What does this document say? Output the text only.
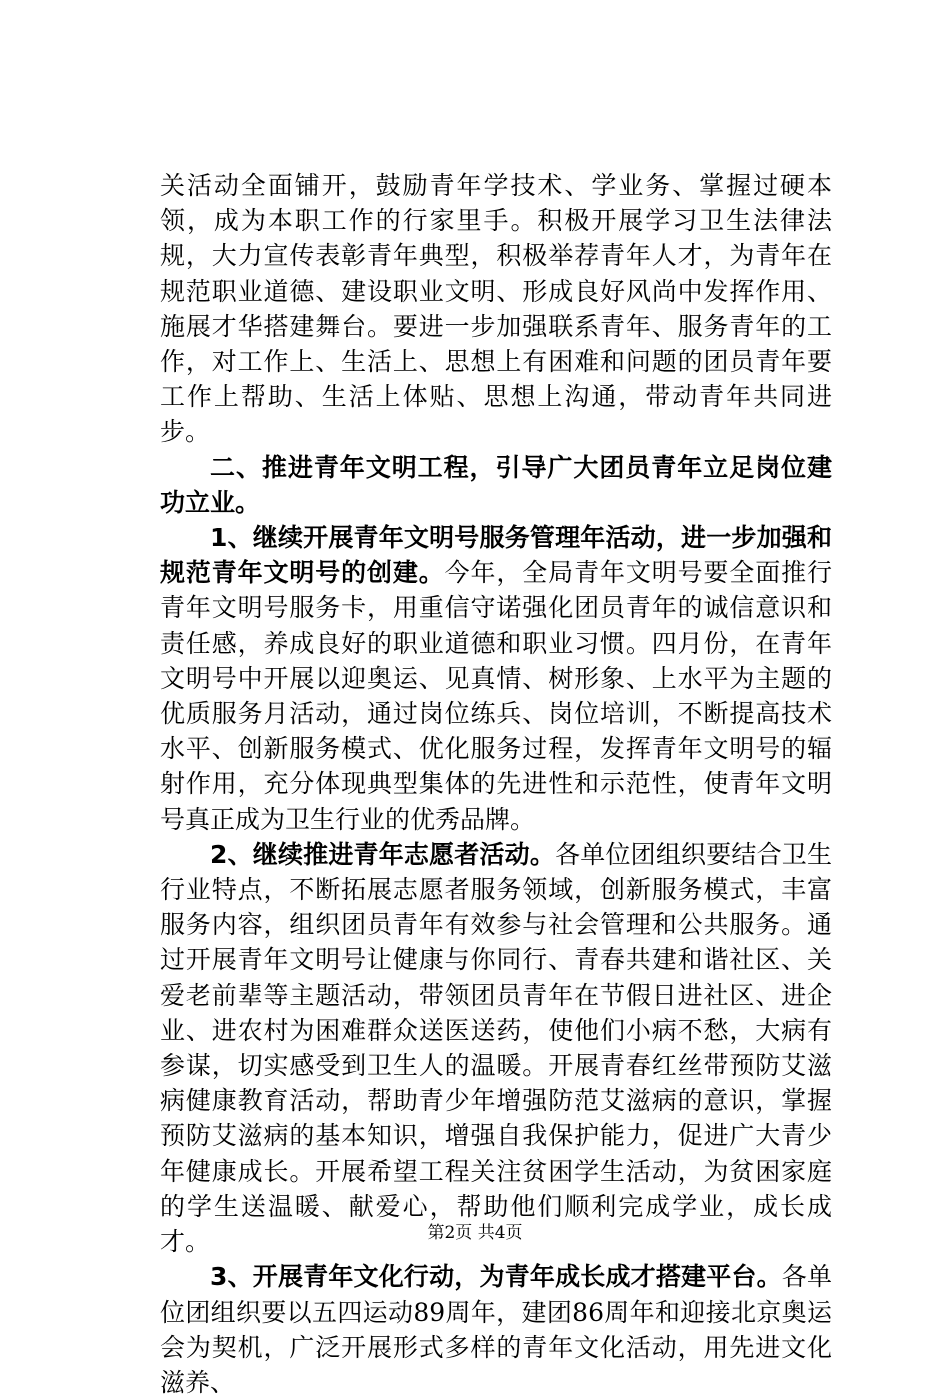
关活动全面铺开，鼓励青年学技术、学业务、掌握过硬本领，成为本职工作的行家里手。积极开展学习卫生法律法规，大力宣传表彰青年典型，积极举荐青年人才，为青年在规范职业道德、建设职业文明、形成良好风尚中发挥作用、施展才华搭建舞台。要进一步加强联系青年、服务青年的工作，对工作上、生活上、思想上有困难和问题的团员青年要工作上帮助、生活上体贴、思想上沟通，带动青年共同进步。

二、推进青年文明工程，引导广大团员青年立足岗位建功立业。

1、继续开展青年文明号服务管理年活动，进一步加强和规范青年文明号的创建。今年，全局青年文明号要全面推行青年文明号服务卡，用重信守诺强化团员青年的诚信意识和责任感，养成良好的职业道德和职业习惯。四月份，在青年文明号中开展以迎奥运、见真情、树形象、上水平为主题的优质服务月活动，通过岗位练兵、岗位培训，不断提高技术水平、创新服务模式、优化服务过程，发挥青年文明号的辐射作用，充分体现典型集体的先进性和示范性，使青年文明号真正成为卫生行业的优秀品牌。

2、继续推进青年志愿者活动。各单位团组织要结合卫生行业特点，不断拓展志愿者服务领域，创新服务模式，丰富服务内容，组织团员青年有效参与社会管理和公共服务。通过开展青年文明号让健康与你同行、青春共建和谐社区、关爱老前辈等主题活动，带领团员青年在节假日进社区、进企业、进农村为困难群众送医送药，使他们小病不愁，大病有参谋，切实感受到卫生人的温暖。开展青春红丝带预防艾滋病健康教育活动，帮助青少年增强防范艾滋病的意识，掌握预防艾滋病的基本知识，增强自我保护能力，促进广大青少年健康成长。开展希望工程关注贫困学生活动，为贫困家庭的学生送温暖、献爱心，帮助他们顺利完成学业，成长成才。

3、开展青年文化行动，为青年成长成才搭建平台。各单位团组织要以五四运动89周年，建团86周年和迎接北京奥运会为契机，广泛开展形式多样的青年文化活动，用先进文化滋养、

第2页 共4页
